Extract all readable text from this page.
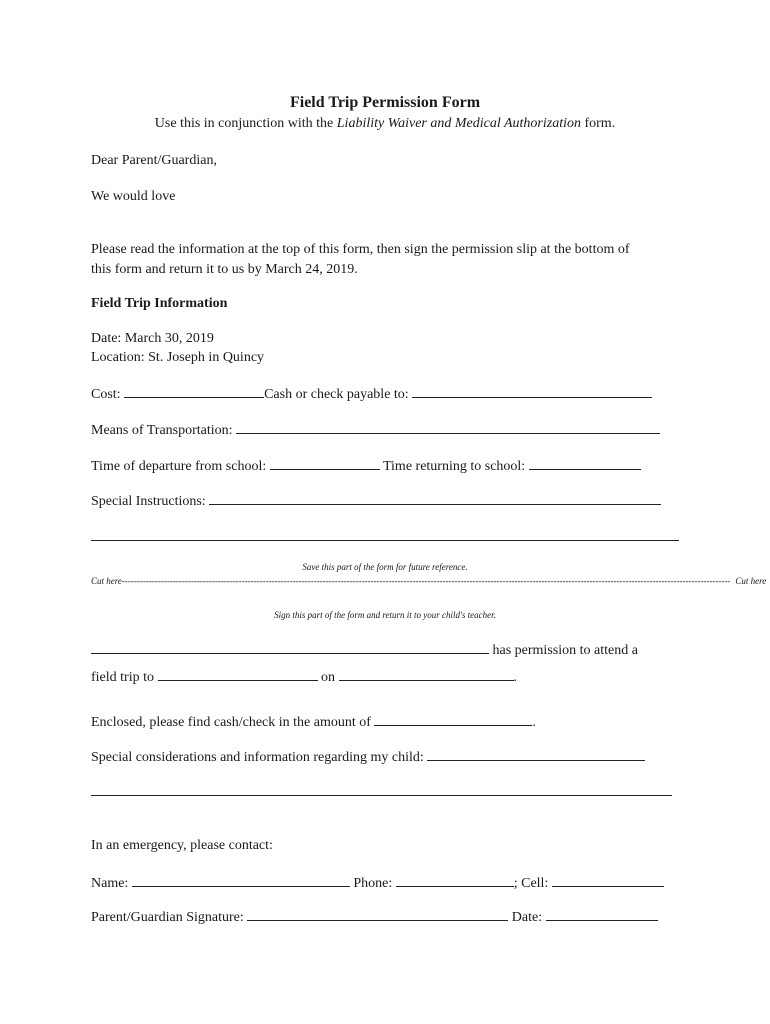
Field Trip Permission Form
Use this in conjunction with the Liability Waiver and Medical Authorization form.
Dear Parent/Guardian,
We would love
Please read the information at the top of this form, then sign the permission slip at the bottom of
this form and return it to us by March 24, 2019.
Field Trip Information
Date: March 30, 2019
Location: St. Joseph in Quincy
Cost:	Cash or check payable to:
Means of Transportation:
Time of departure from school:	Time returning to school:
Special Instructions:
Save this part of the form for future reference.
Cut here ----------------------------------------------------------------------------------------------------------------------------------------------------------------------------------------------------------- Cut here
Sign this part of the form and return it to your child's teacher.
has permission to attend a
field trip to	on	.
Enclosed, please find cash/check in the amount of	.
Special considerations and information regarding my child:
In an emergency, please contact:
Name:	Phone:	; Cell:
Parent/Guardian Signature:	Date:
